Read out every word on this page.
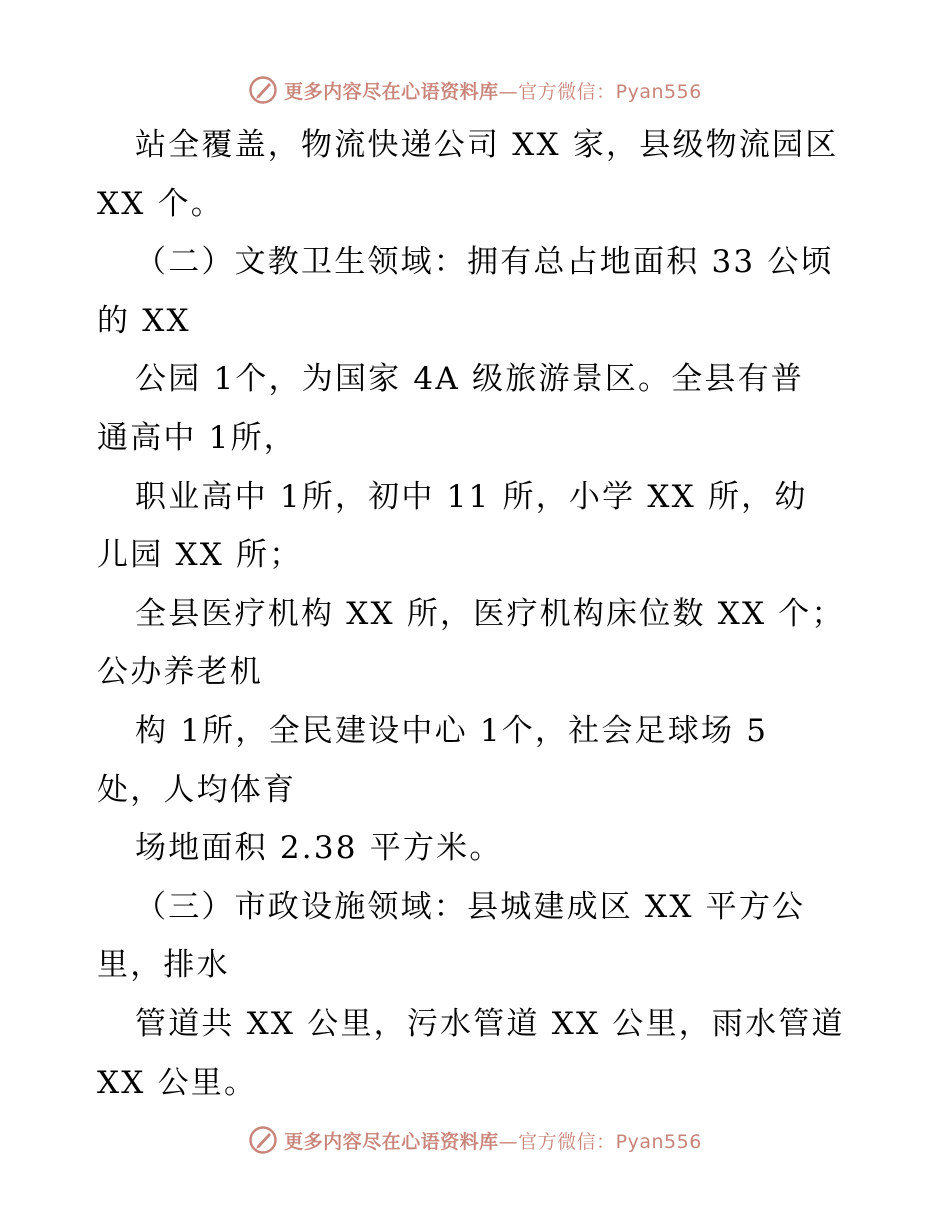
更多内容尽在心语资料库 —官方微信：Pyan556
站全覆盖，物流快递公司 XX 家，县级物流园区
XX 个。
（二）文教卫生领域：拥有总占地面积 33 公顷
的 XX
公园 1个，为国家 4A 级旅游景区。全县有普
通高中 1所，
职业高中 1所，初中 11 所，小学 XX 所，幼
儿园 XX 所；
全县医疗机构 XX 所，医疗机构床位数 XX 个；
公办养老机
构 1所，全民建设中心 1个，社会足球场 5
处，人均体育
场地面积 2.38 平方米。
（三）市政设施领域：县城建成区 XX 平方公
里，排水
管道共 XX 公里，污水管道 XX 公里，雨水管道
XX 公里。
更多内容尽在心语资料库 —官方微信：Pyan556
